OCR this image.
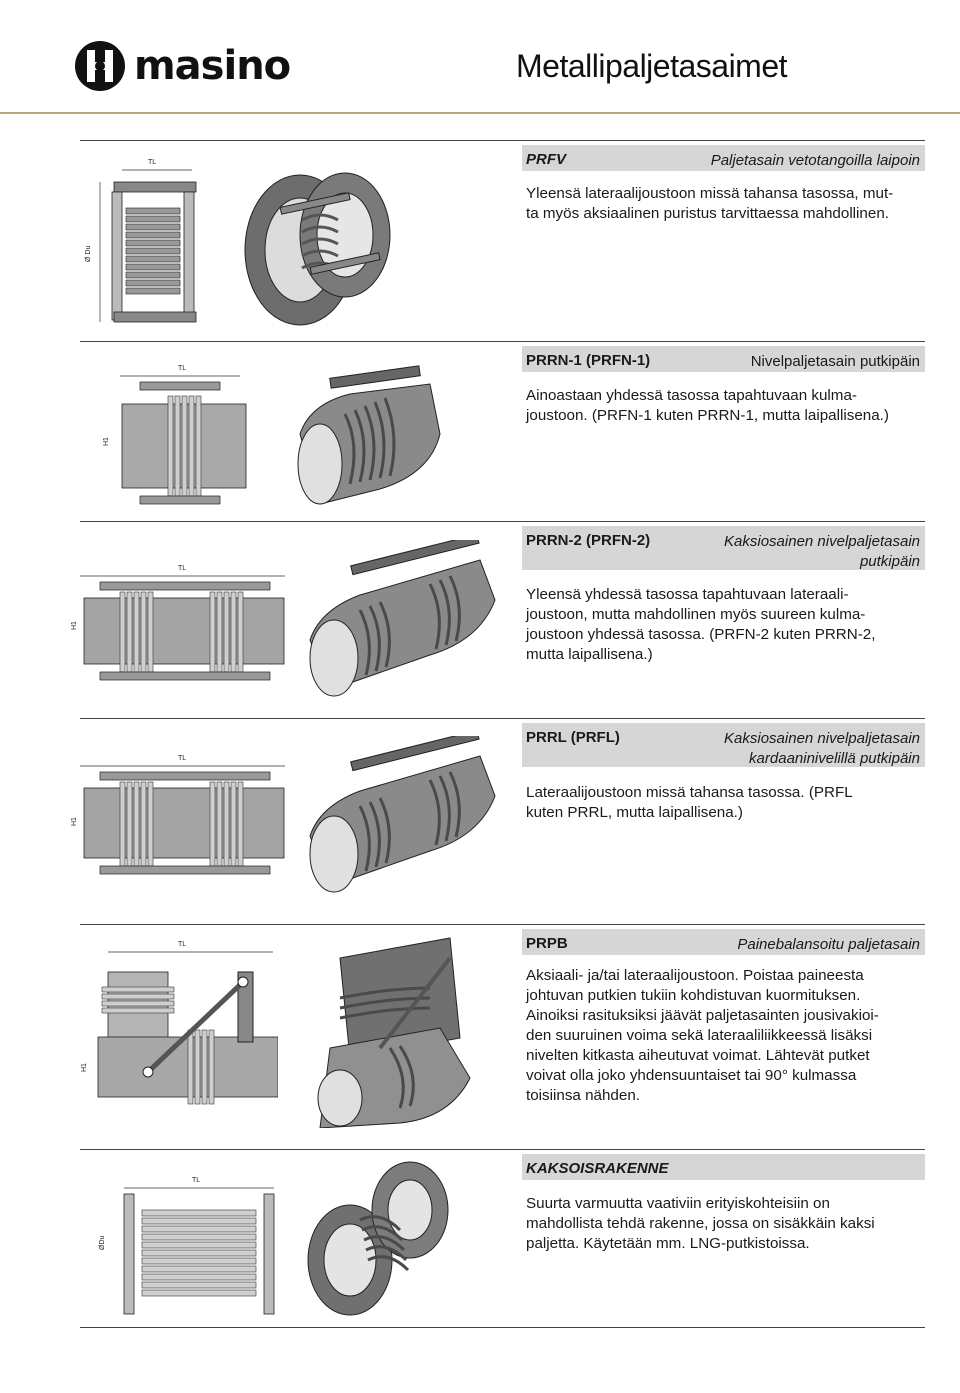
masino	Metallipaljetasaimet
PRFV	Paljetasain vetotangoilla laipoin
Yleensä lateraalijoustoon missä tahansa tasossa, mut-
ta myös aksiaalinen puristus tarvittaessa mahdollinen.
TL
Ø Du
PRRN-1 (PRFN-1)	Nivelpaljetasain putkipäin
Ainoastaan yhdessä tasossa tapahtuvaan kulma-
joustoon. (PRFN-1 kuten PRRN-1, mutta laipallisena.)
TL
H1
PRRN-2 (PRFN-2)	Kaksiosainen nivelpaljetasain
putkipäin
Yleensä yhdessä tasossa tapahtuvaan lateraali-
joustoon, mutta mahdollinen myös suureen kulma-
joustoon yhdessä tasossa. (PRFN-2 kuten PRRN-2,
mutta laipallisena.)
TL
H1
PRRL (PRFL)	Kaksiosainen nivelpaljetasain
kardaaninivelillä putkipäin
Lateraalijoustoon missä tahansa tasossa. (PRFL
kuten PRRL, mutta laipallisena.)
TL
H1
PRPB	Painebalansoitu paljetasain
Aksiaali- ja/tai lateraalijoustoon. Poistaa paineesta
johtuvan putkien tukiin kohdistuvan kuormituksen.
Ainoiksi rasituksiksi jäävät paljetasainten jousivakioi-
den suuruinen voima sekä lateraaliliikkeessä lisäksi
nivelten kitkasta aiheutuvat voimat. Lähtevät putket
voivat olla joko yhdensuuntaiset tai 90° kulmassa
toisiinsa nähden.
TL
H1
KAKSOISRAKENNE
Suurta varmuutta vaativiin erityiskohteisiin on
mahdollista tehdä rakenne, jossa on sisäkkäin kaksi
paljetta. Käytetään mm. LNG-putkistoissa.
TL
ØDu
